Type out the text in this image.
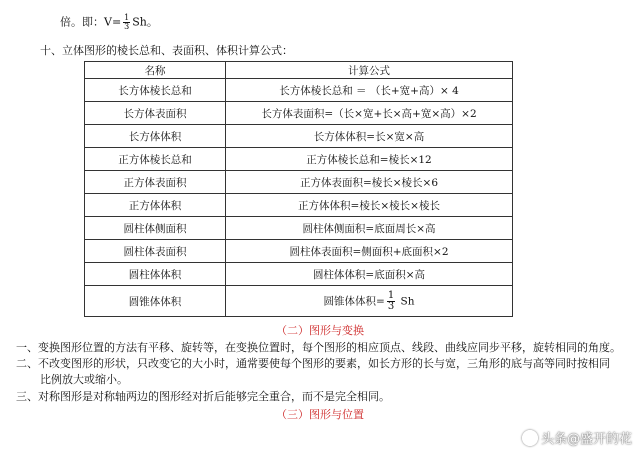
倍。即：$V= \frac{1}{3}$ Sh。
十、立体图形的棱长总和、表面积、体积计算公式：
名称	计算公式
长方体棱长总和	长方体棱长总和 ＝ （长+宽+高）× 4
长方体表面积	长方体表面积=（长×宽+长×高+宽×高）×2
长方体体积	长方体体积=长×宽×高
正方体棱长总和	正方体棱长总和=棱长×12
正方体表面积	正方体表面积=棱长×棱长×6
正方体体积	正方体体积=棱长×棱长×棱长
圆柱体侧面积	圆柱体侧面积=底面周长×高
圆柱体表面积	圆柱体表面积=侧面积+底面积×2
圆柱体体积	圆柱体体积=底面积×高
圆锥体体积	圆锥体体积= $\frac{1}{3}$ Sh
（二）图形与变换
一、变换图形位置的方法有平移、旋转等，在变换位置时，每个图形的相应顶点、线段、曲线应同步平移，旋转相同的角度。
二、不改变图形的形状，只改变它的大小时，通常要使每个图形的要素，如长方形的长与宽，三角形的底与高等同时按相同
比例放大或缩小。
三、对称图形是对称轴两边的图形经对折后能够完全重合，而不是完全相同。
（三）图形与位置
头条@盛开的花
